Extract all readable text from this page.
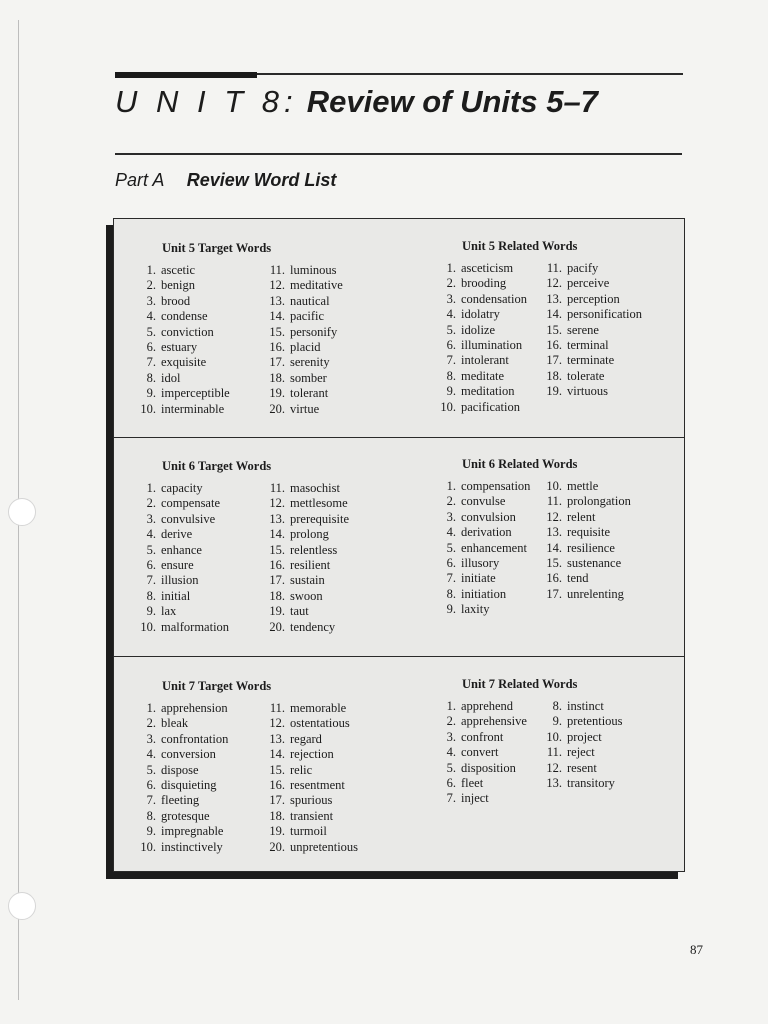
U N I T 8: Review of Units 5–7
Part A Review Word List
Unit 5 Target Words
1. ascetic
2. benign
3. brood
4. condense
5. conviction
6. estuary
7. exquisite
8. idol
9. imperceptible
10. interminable
11. luminous
12. meditative
13. nautical
14. pacific
15. personify
16. placid
17. serenity
18. somber
19. tolerant
20. virtue
Unit 5 Related Words
1. asceticism
2. brooding
3. condensation
4. idolatry
5. idolize
6. illumination
7. intolerant
8. meditate
9. meditation
10. pacification
11. pacify
12. perceive
13. perception
14. personification
15. serene
16. terminal
17. terminate
18. tolerate
19. virtuous
Unit 6 Target Words
1. capacity
2. compensate
3. convulsive
4. derive
5. enhance
6. ensure
7. illusion
8. initial
9. lax
10. malformation
11. masochist
12. mettlesome
13. prerequisite
14. prolong
15. relentless
16. resilient
17. sustain
18. swoon
19. taut
20. tendency
Unit 6 Related Words
1. compensation
2. convulse
3. convulsion
4. derivation
5. enhancement
6. illusory
7. initiate
8. initiation
9. laxity
10. mettle
11. prolongation
12. relent
13. requisite
14. resilience
15. sustenance
16. tend
17. unrelenting
Unit 7 Target Words
1. apprehension
2. bleak
3. confrontation
4. conversion
5. dispose
6. disquieting
7. fleeting
8. grotesque
9. impregnable
10. instinctively
11. memorable
12. ostentatious
13. regard
14. rejection
15. relic
16. resentment
17. spurious
18. transient
19. turmoil
20. unpretentious
Unit 7 Related Words
1. apprehend
2. apprehensive
3. confront
4. convert
5. disposition
6. fleet
7. inject
8. instinct
9. pretentious
10. project
11. reject
12. resent
13. transitory
87
